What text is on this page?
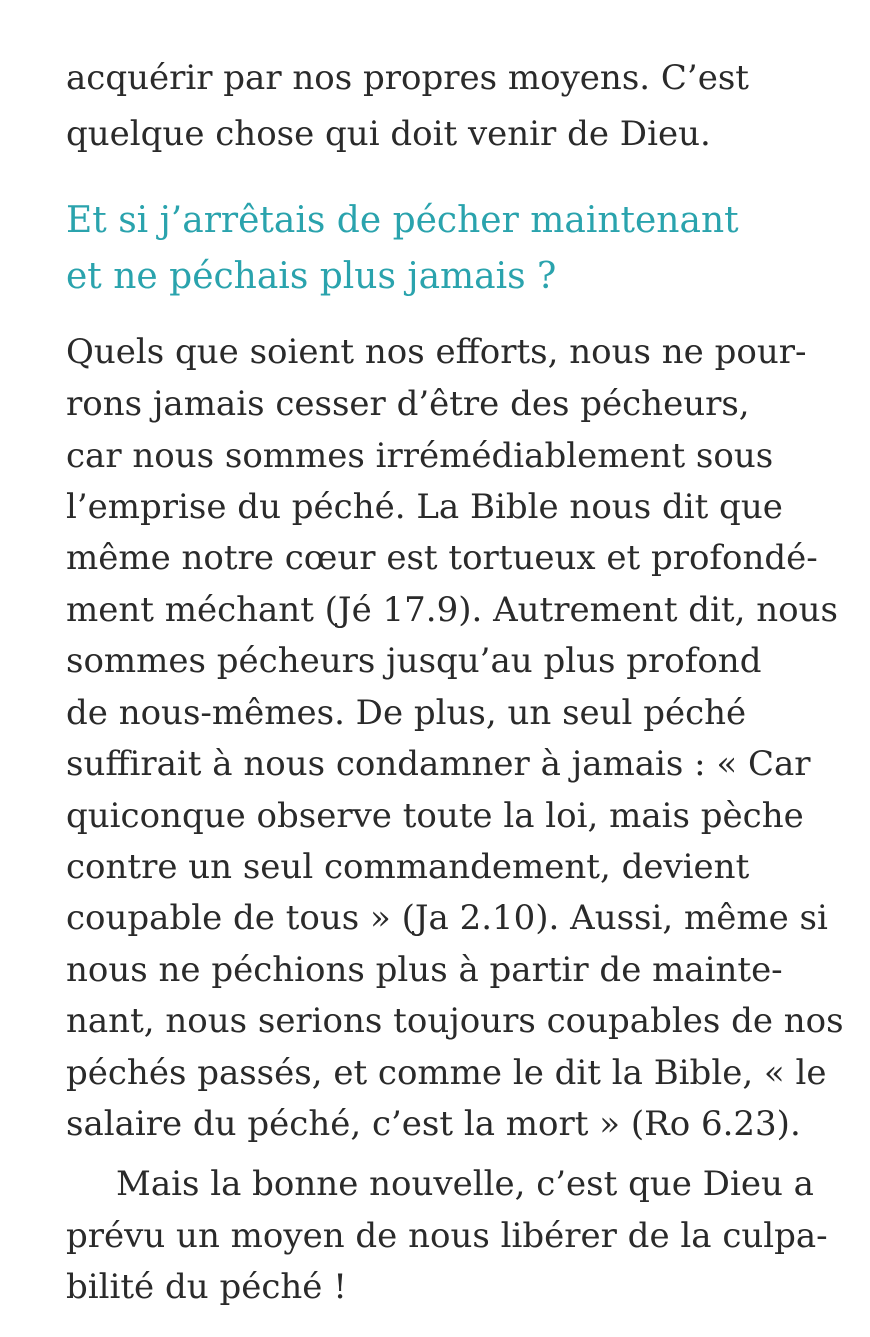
acquérir par nos propres moyens. C’est
quelque chose qui doit venir de Dieu.
Et si j’arrêtais de pécher maintenant
et ne péchais plus jamais ?
Quels que soient nos efforts, nous ne pour-
rons jamais cesser d’être des pécheurs,
car nous sommes irrémédiablement sous
l’emprise du péché. La Bible nous dit que
même notre cœur est tortueux et profondé-
ment méchant (Jé 17.9). Autrement dit, nous
sommes pécheurs jusqu’au plus profond
de nous-mêmes. De plus, un seul péché
suffirait à nous condamner à jamais : « Car
quiconque observe toute la loi, mais pèche
contre un seul commandement, devient
coupable de tous » (Ja 2.10). Aussi, même si
nous ne péchions plus à partir de mainte-
nant, nous serions toujours coupables de nos
péchés passés, et comme le dit la Bible, « le
salaire du péché, c’est la mort » (Ro 6.23).
Mais la bonne nouvelle, c’est que Dieu a
prévu un moyen de nous libérer de la culpa-
bilité du péché !
